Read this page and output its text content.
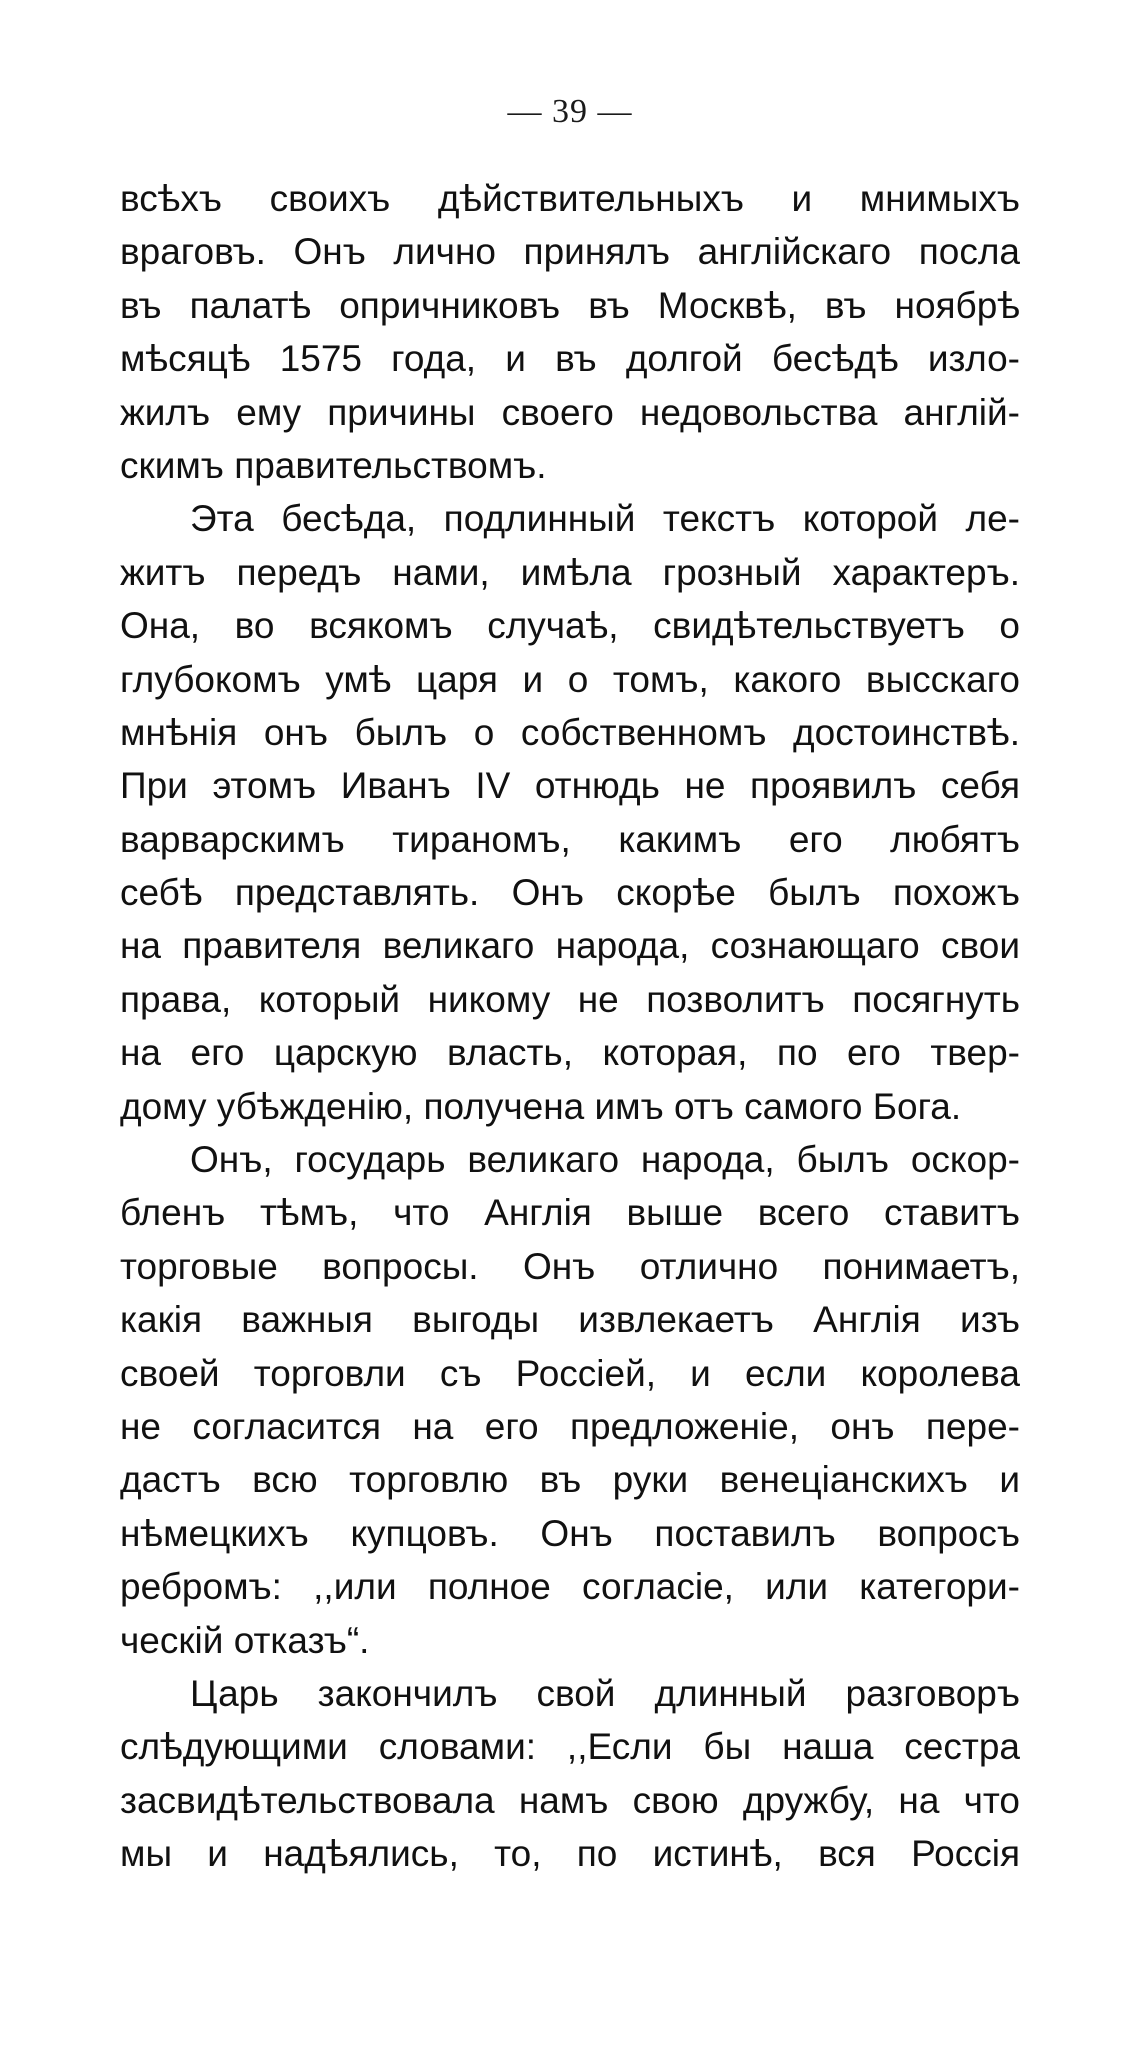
— 39 —
всѣхъ своихъ дѣйствительныхъ и мнимыхъ
враговъ. Онъ лично принялъ англійскаго посла
въ палатѣ опричниковъ въ Москвѣ, въ ноябрѣ
мѣсяцѣ 1575 года, и въ долгой бесѣдѣ изло-
жилъ ему причины своего недовольства англій-
скимъ правительствомъ.
Эта бесѣда, подлинный текстъ которой ле-
житъ передъ нами, имѣла грозный характеръ.
Она, во всякомъ случаѣ, свидѣтельствуетъ о
глубокомъ умѣ царя и о томъ, какого высскаго
мнѣнія онъ былъ о собственномъ достоинствѣ.
При этомъ Иванъ IV отнюдь не проявилъ себя
варварскимъ тираномъ, какимъ его любятъ
себѣ представлять. Онъ скорѣе былъ похожъ
на правителя великаго народа, сознающаго свои
права, который никому не позволитъ посягнуть
на его царскую власть, которая, по его твер-
дому убѣжденію, получена имъ отъ самого Бога.
Онъ, государь великаго народа, былъ оскор-
бленъ тѣмъ, что Англія выше всего ставитъ
торговые вопросы. Онъ отлично понимаетъ,
какія важныя выгоды извлекаетъ Англія изъ
своей торговли съ Россіей, и если королева
не согласится на его предложеніе, онъ пере-
дастъ всю торговлю въ руки венеціанскихъ и
нѣмецкихъ купцовъ. Онъ поставилъ вопросъ
ребромъ: ,,или полное согласіе, или категори-
ческій отказъ“.
Царь закончилъ свой длинный разговоръ
слѣдующими словами: ,,Если бы наша сестра
засвидѣтельствовала намъ свою дружбу, на что
мы и надѣялись, то, по истинѣ, вся Россія
